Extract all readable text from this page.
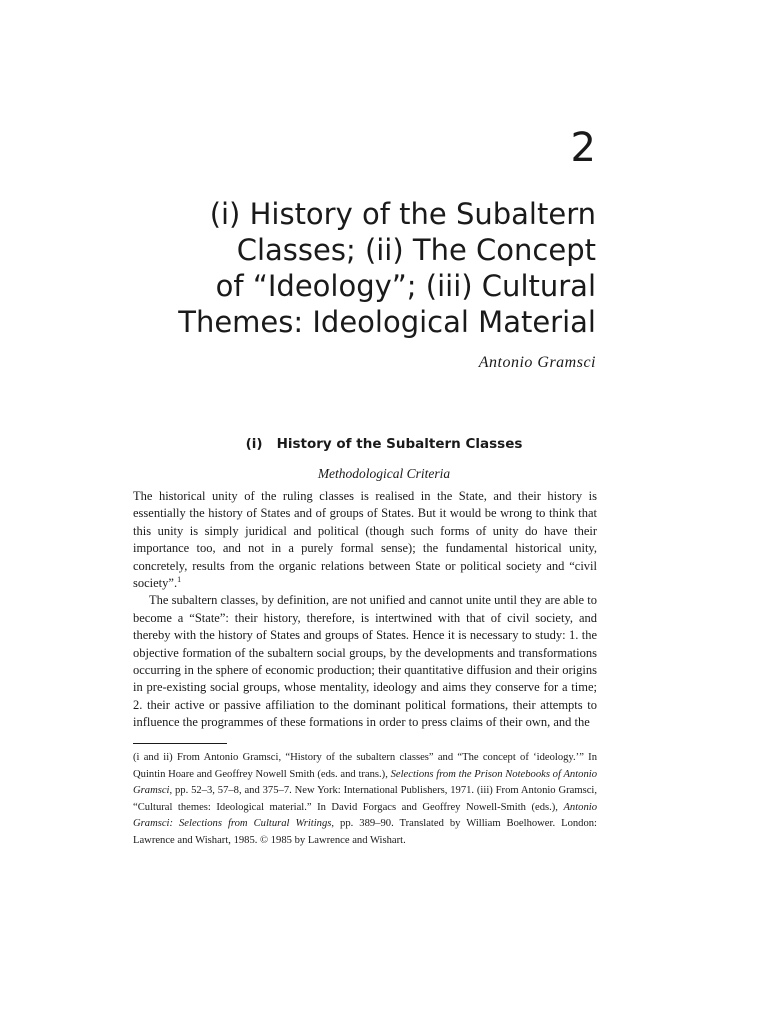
2
(i) History of the Subaltern
Classes; (ii) The Concept
of “Ideology”; (iii) Cultural
Themes: Ideological Material
Antonio Gramsci
(i) History of the Subaltern Classes
Methodological Criteria

The historical unity of the ruling classes is realised in the State, and their history is essentially the history of States and of groups of States. But it would be wrong to think that this unity is simply juridical and political (though such forms of unity do have their importance too, and not in a purely formal sense); the fundamental historical unity, concretely, results from the organic relations between State or political society and “civil society”.$^1$

The subaltern classes, by definition, are not unified and cannot unite until they are able to become a “State”: their history, therefore, is intertwined with that of civil society, and thereby with the history of States and groups of States. Hence it is necessary to study: 1. the objective formation of the subaltern social groups, by the developments and transformations occurring in the sphere of economic production; their quantitative diffusion and their origins in pre-existing social groups, whose mentality, ideology and aims they conserve for a time; 2. their active or passive affiliation to the dominant political formations, their attempts to influence the programmes of these formations in order to press claims of their own, and the

(i and ii) From Antonio Gramsci, “History of the subaltern classes” and “The concept of ‘ideology.’” In Quintin Hoare and Geoffrey Nowell Smith (eds. and trans.), Selections from the Prison Notebooks of Antonio Gramsci, pp. 52–3, 57–8, and 375–7. New York: International Publishers, 1971. (iii) From Antonio Gramsci, “Cultural themes: Ideological material.” In David Forgacs and Geoffrey Nowell-Smith (eds.), Antonio Gramsci: Selections from Cultural Writings, pp. 389–90. Translated by William Boelhower. London: Lawrence and Wishart, 1985. © 1985 by Lawrence and Wishart.
